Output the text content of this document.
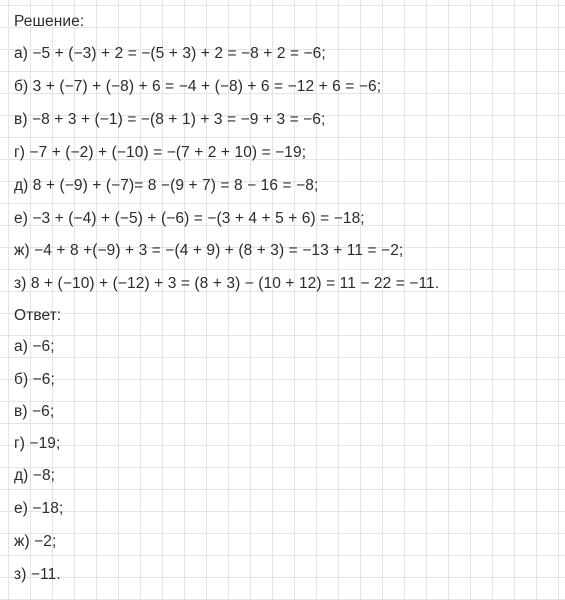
Решение:
а) −5 + (−3) + 2 = −(5 + 3) + 2 = −8 + 2 = −6;
б) 3 + (−7) + (−8) + 6 = −4 + (−8) + 6 = −12 + 6 = −6;
в) −8 + 3 + (−1) = −(8 + 1) + 3 = −9 + 3 = −6;
г) −7 + (−2) + (−10) = −(7 + 2 + 10) = −19;
д) 8 + (−9) + (−7)= 8 −(9 + 7) = 8 − 16 = −8;
е) −3 + (−4) + (−5) + (−6) = −(3 + 4 + 5 + 6) = −18;
ж) −4 + 8 +(−9) + 3 = −(4 + 9) + (8 + 3) = −13 + 11 = −2;
з) 8 + (−10) + (−12) + 3 = (8 + 3) − (10 + 12) = 11 − 22 = −11.
Ответ:
а) −6;
б) −6;
в) −6;
г) −19;
д) −8;
е) −18;
ж) −2;
з) −11.
